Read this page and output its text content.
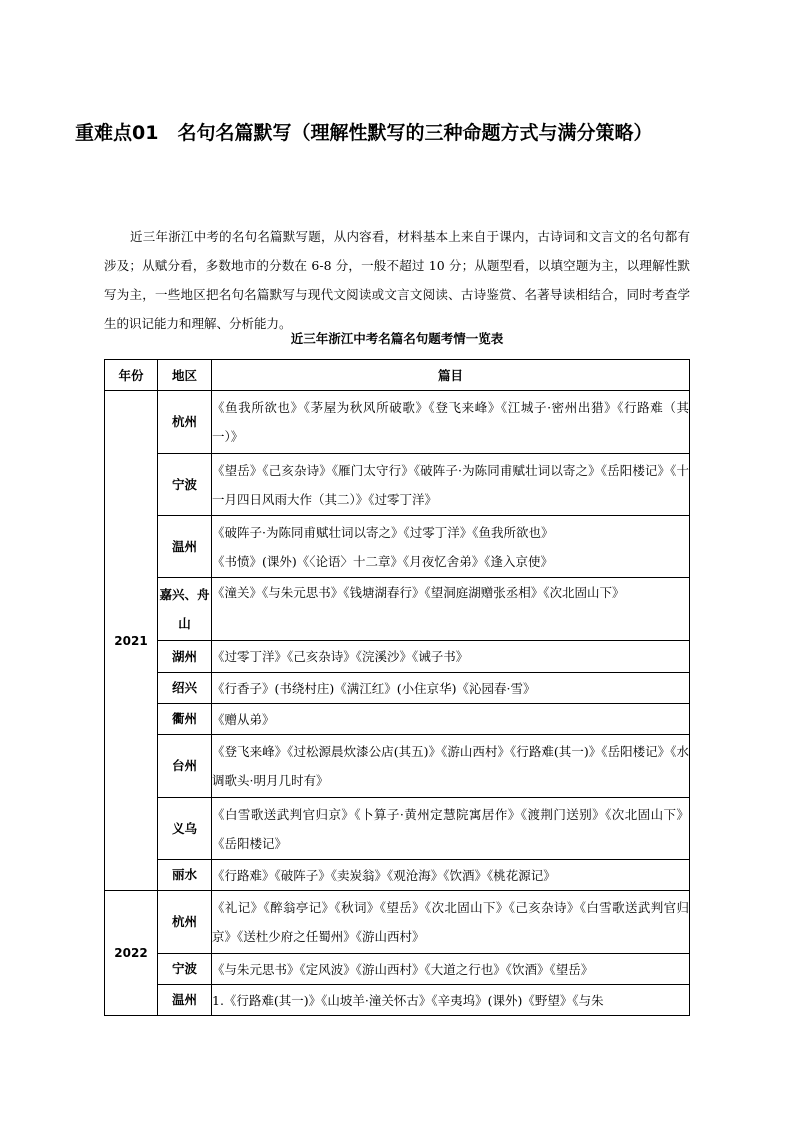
重难点01　名句名篇默写（理解性默写的三种命题方式与满分策略）

近三年浙江中考的名句名篇默写题，从内容看，材料基本上来自于课内，古诗词和文言文的名句都有涉及；从赋分看，多数地市的分数在 6-8 分，一般不超过 10 分；从题型看，以填空题为主，以理解性默写为主，一些地区把名句名篇默写与现代文阅读或文言文阅读、古诗鉴赏、名著导读相结合，同时考查学生的识记能力和理解、分析能力。

近三年浙江中考名篇名句题考情一览表
年份	地区	篇目
2021	杭州	《鱼我所欲也》《茅屋为秋风所破歌》《登飞来峰》《江城子·密州出猎》《行路难（其一）》
	宁波	《望岳》《己亥杂诗》《雁门太守行》《破阵子·为陈同甫赋壮词以寄之》《岳阳楼记》《十一月四日风雨大作（其二）》《过零丁洋》
	温州	《破阵子·为陈同甫赋壮词以寄之》《过零丁洋》《鱼我所欲也》
《书愤》(课外)《〈论语〉十二章》《月夜忆舍弟》《逢入京使》

	嘉兴、舟山	《潼关》《与朱元思书》《钱塘湖春行》《望洞庭湖赠张丞相》《次北固山下》
	湖州	《过零丁洋》《己亥杂诗》《浣溪沙》《诫子书》
	绍兴	《行香子》(书绕村庄)《满江红》(小住京华)《沁园春·雪》
	衢州	《赠从弟》
	台州	《登飞来峰》《过松源晨炊漆公店(其五)》《游山西村》《行路难(其一)》《岳阳楼记》《水调歌头·明月几时有》
	义乌	《白雪歌送武判官归京》《卜算子·黄州定慧院寓居作》《渡荆门送别》《次北固山下》《岳阳楼记》
	丽水	《行路难》《破阵子》《卖炭翁》《观沧海》《饮酒》《桃花源记》
2022	杭州	《礼记》《醉翁亭记》《秋词》《望岳》《次北固山下》《己亥杂诗》《白雪歌送武判官归京》《送杜少府之任蜀州》《游山西村》
	宁波	《与朱元思书》《定风波》《游山西村》《大道之行也》《饮酒》《望岳》
	温州	1.《行路难(其一)》《山坡羊·潼关怀古》《辛夷坞》(课外)《野望》《与朱
